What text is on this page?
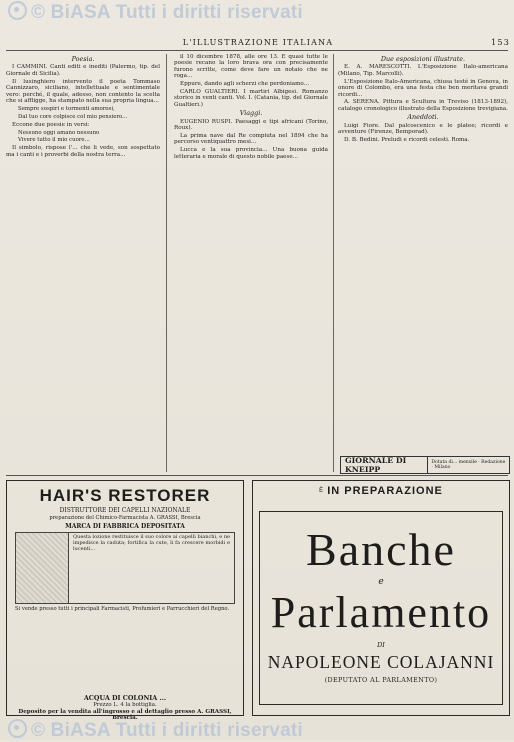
© BiASA Tutti i diritti riservati
L'ILLUSTRAZIONE ITALIANA	153

Poesia.

I CAMMINI. Canti editi e inediti (Palermo, tip. del Giornale di Sicilia).

Il lusinghiero intervento il poeta Tommaso Cannizzaro, siciliano, intellettuale e sentimentale vero: perché, il quale, adesso, non contento la scelta che si affligge, ha stampato nella sua propria lingua...

Sempre sospiri e tormenti amorosi,

Dal tuo core colpisce col mio pensiero...

Eccone due poesie in versi:

Nessuno oggi amano nessuno

Vivere tutto il mio cuore...

Il simbolo, rispose l'... che li vede, son sospettato ma i canti e i proverbi della nostra terra...

il 10 dicembre 1878, alle ore 13. E quasi tutte le poesie recano la loro brava ora con precisamente furono scritte, come deve fare un notaio che ne roga...

Eppure, dando agli scherzi che perdoniamo...

CARLO GUALTIERI. I martiri Albigesi. Romanzo storico in venti canti. Vol. I. (Catania, tip. del Giornale Gualtieri.)

Viaggi.

EUGENIO RUSPI. Paesaggi e tipi africani (Torino, Roux).

La prima nave dal Re compiuta nel 1894 che ha percorso ventiquattro mesi...

Lucca e la sua provincia... Una buona guida letteraria e morale di questo nobile paese...

Due esposizioni illustrate.

E. A. MARESCOTTI. L'Esposizione Italo-americana (Milano, Tip. Marcolli).

L'Esposizione Italo-Americana, chiusa testé in Genova, in onore di Colombo, era una festa che ben meritava grandi ricordi...

A. SERENA. Pittura e Scultura in Treviso (1813-1892), catalogo cronologico illustrato della Esposizione trevigiana.

Aneddoti.

Luigi Fiore. Dal palcoscenico e le platee; ricordi e avventure (Firenze, Bemporad).

D. B. Bedini. Preludi e ricordi celesti. Roma.

GIORNALE DI KNEIPP
Dotata di... mensile · Redazione · Milano
HAIR'S RESTORER
DISTRUTTORE DEI CAPELLI NAZIONALE
preparazione del Chimico-Farmacista A. GRASSI, Brescia
MARCA DI FABBRICA DEPOSITATA
Questa lozione restituisce il suo colore ai capelli bianchi, e ne impedisce la caduta; fortifica la cute, li fa crescere morbidi e lucenti...
Si vende presso tutti i principali Farmacisti, Profumieri e Parrucchieri del Regno.
ACQUA DI COLONIA ...
Prezzo L. 4 la bottiglia.
Deposito per la vendita all'ingrosso e al dettaglio presso A. GRASSI, Brescia.
È IN PREPARAZIONE
Banche
e
Parlamento
DI
NAPOLEONE COLAJANNI
(DEPUTATO AL PARLAMENTO)
© BiASA Tutti i diritti riservati
